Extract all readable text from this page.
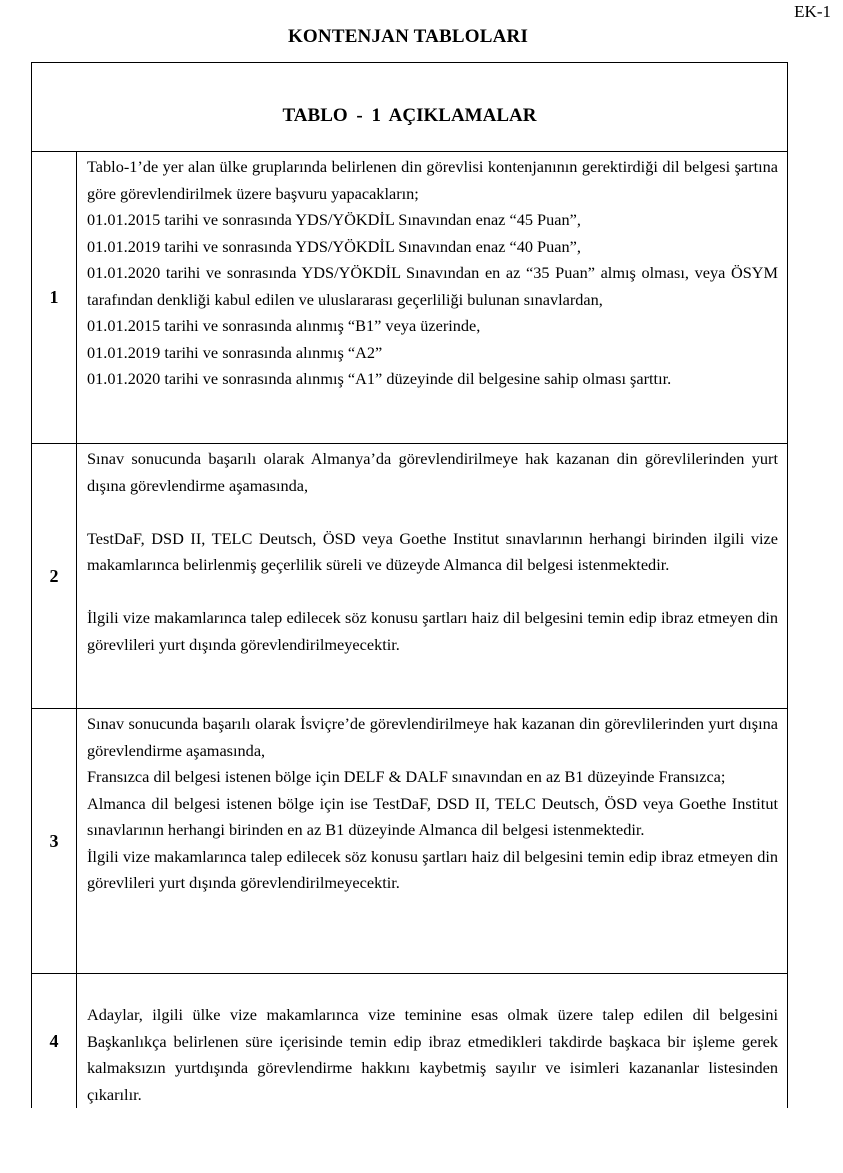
EK-1
KONTENJAN TABLOLARI
TABLO - 1 AÇIKLAMALAR
1

Tablo-1’de yer alan ülke gruplarında belirlenen din görevlisi kontenjanının gerektirdiği dil belgesi şartına göre görevlendirilmek üzere başvuru yapacakların;

01.01.2015 tarihi ve sonrasında YDS/YÖKDİL Sınavından enaz “45 Puan”,

01.01.2019 tarihi ve sonrasında YDS/YÖKDİL Sınavından enaz “40 Puan”,

01.01.2020 tarihi ve sonrasında YDS/YÖKDİL Sınavından en az “35 Puan” almış olması, veya ÖSYM tarafından denkliği kabul edilen ve uluslararası geçerliliği bulunan sınavlardan,

01.01.2015 tarihi ve sonrasında alınmış “B1” veya üzerinde,

01.01.2019 tarihi ve sonrasında alınmış “A2”

01.01.2020 tarihi ve sonrasında alınmış “A1” düzeyinde dil belgesine sahip olması şarttır.

2

Sınav sonucunda başarılı olarak Almanya’da görevlendirilmeye hak kazanan din görevlilerinden yurt dışına görevlendirme aşamasında,

TestDaF, DSD II, TELC Deutsch, ÖSD veya Goethe Institut sınavlarının herhangi birinden ilgili vize makamlarınca belirlenmiş geçerlilik süreli ve düzeyde Almanca dil belgesi istenmektedir.

İlgili vize makamlarınca talep edilecek söz konusu şartları haiz dil belgesini temin edip ibraz etmeyen din görevlileri yurt dışında görevlendirilmeyecektir.

3

Sınav sonucunda başarılı olarak İsviçre’de görevlendirilmeye hak kazanan din görevlilerinden yurt dışına görevlendirme aşamasında,

Fransızca dil belgesi istenen bölge için DELF & DALF sınavından en az B1 düzeyinde Fransızca;

Almanca dil belgesi istenen bölge için ise TestDaF, DSD II, TELC Deutsch, ÖSD veya Goethe Institut sınavlarının herhangi birinden en az B1 düzeyinde Almanca dil belgesi istenmektedir.

İlgili vize makamlarınca talep edilecek söz konusu şartları haiz dil belgesini temin edip ibraz etmeyen din görevlileri yurt dışında görevlendirilmeyecektir.

4

Adaylar, ilgili ülke vize makamlarınca vize teminine esas olmak üzere talep edilen dil belgesini Başkanlıkça belirlenen süre içerisinde temin edip ibraz etmedikleri takdirde başkaca bir işleme gerek kalmaksızın yurtdışında görevlendirme hakkını kaybetmiş sayılır ve isimleri kazananlar listesinden çıkarılır.
